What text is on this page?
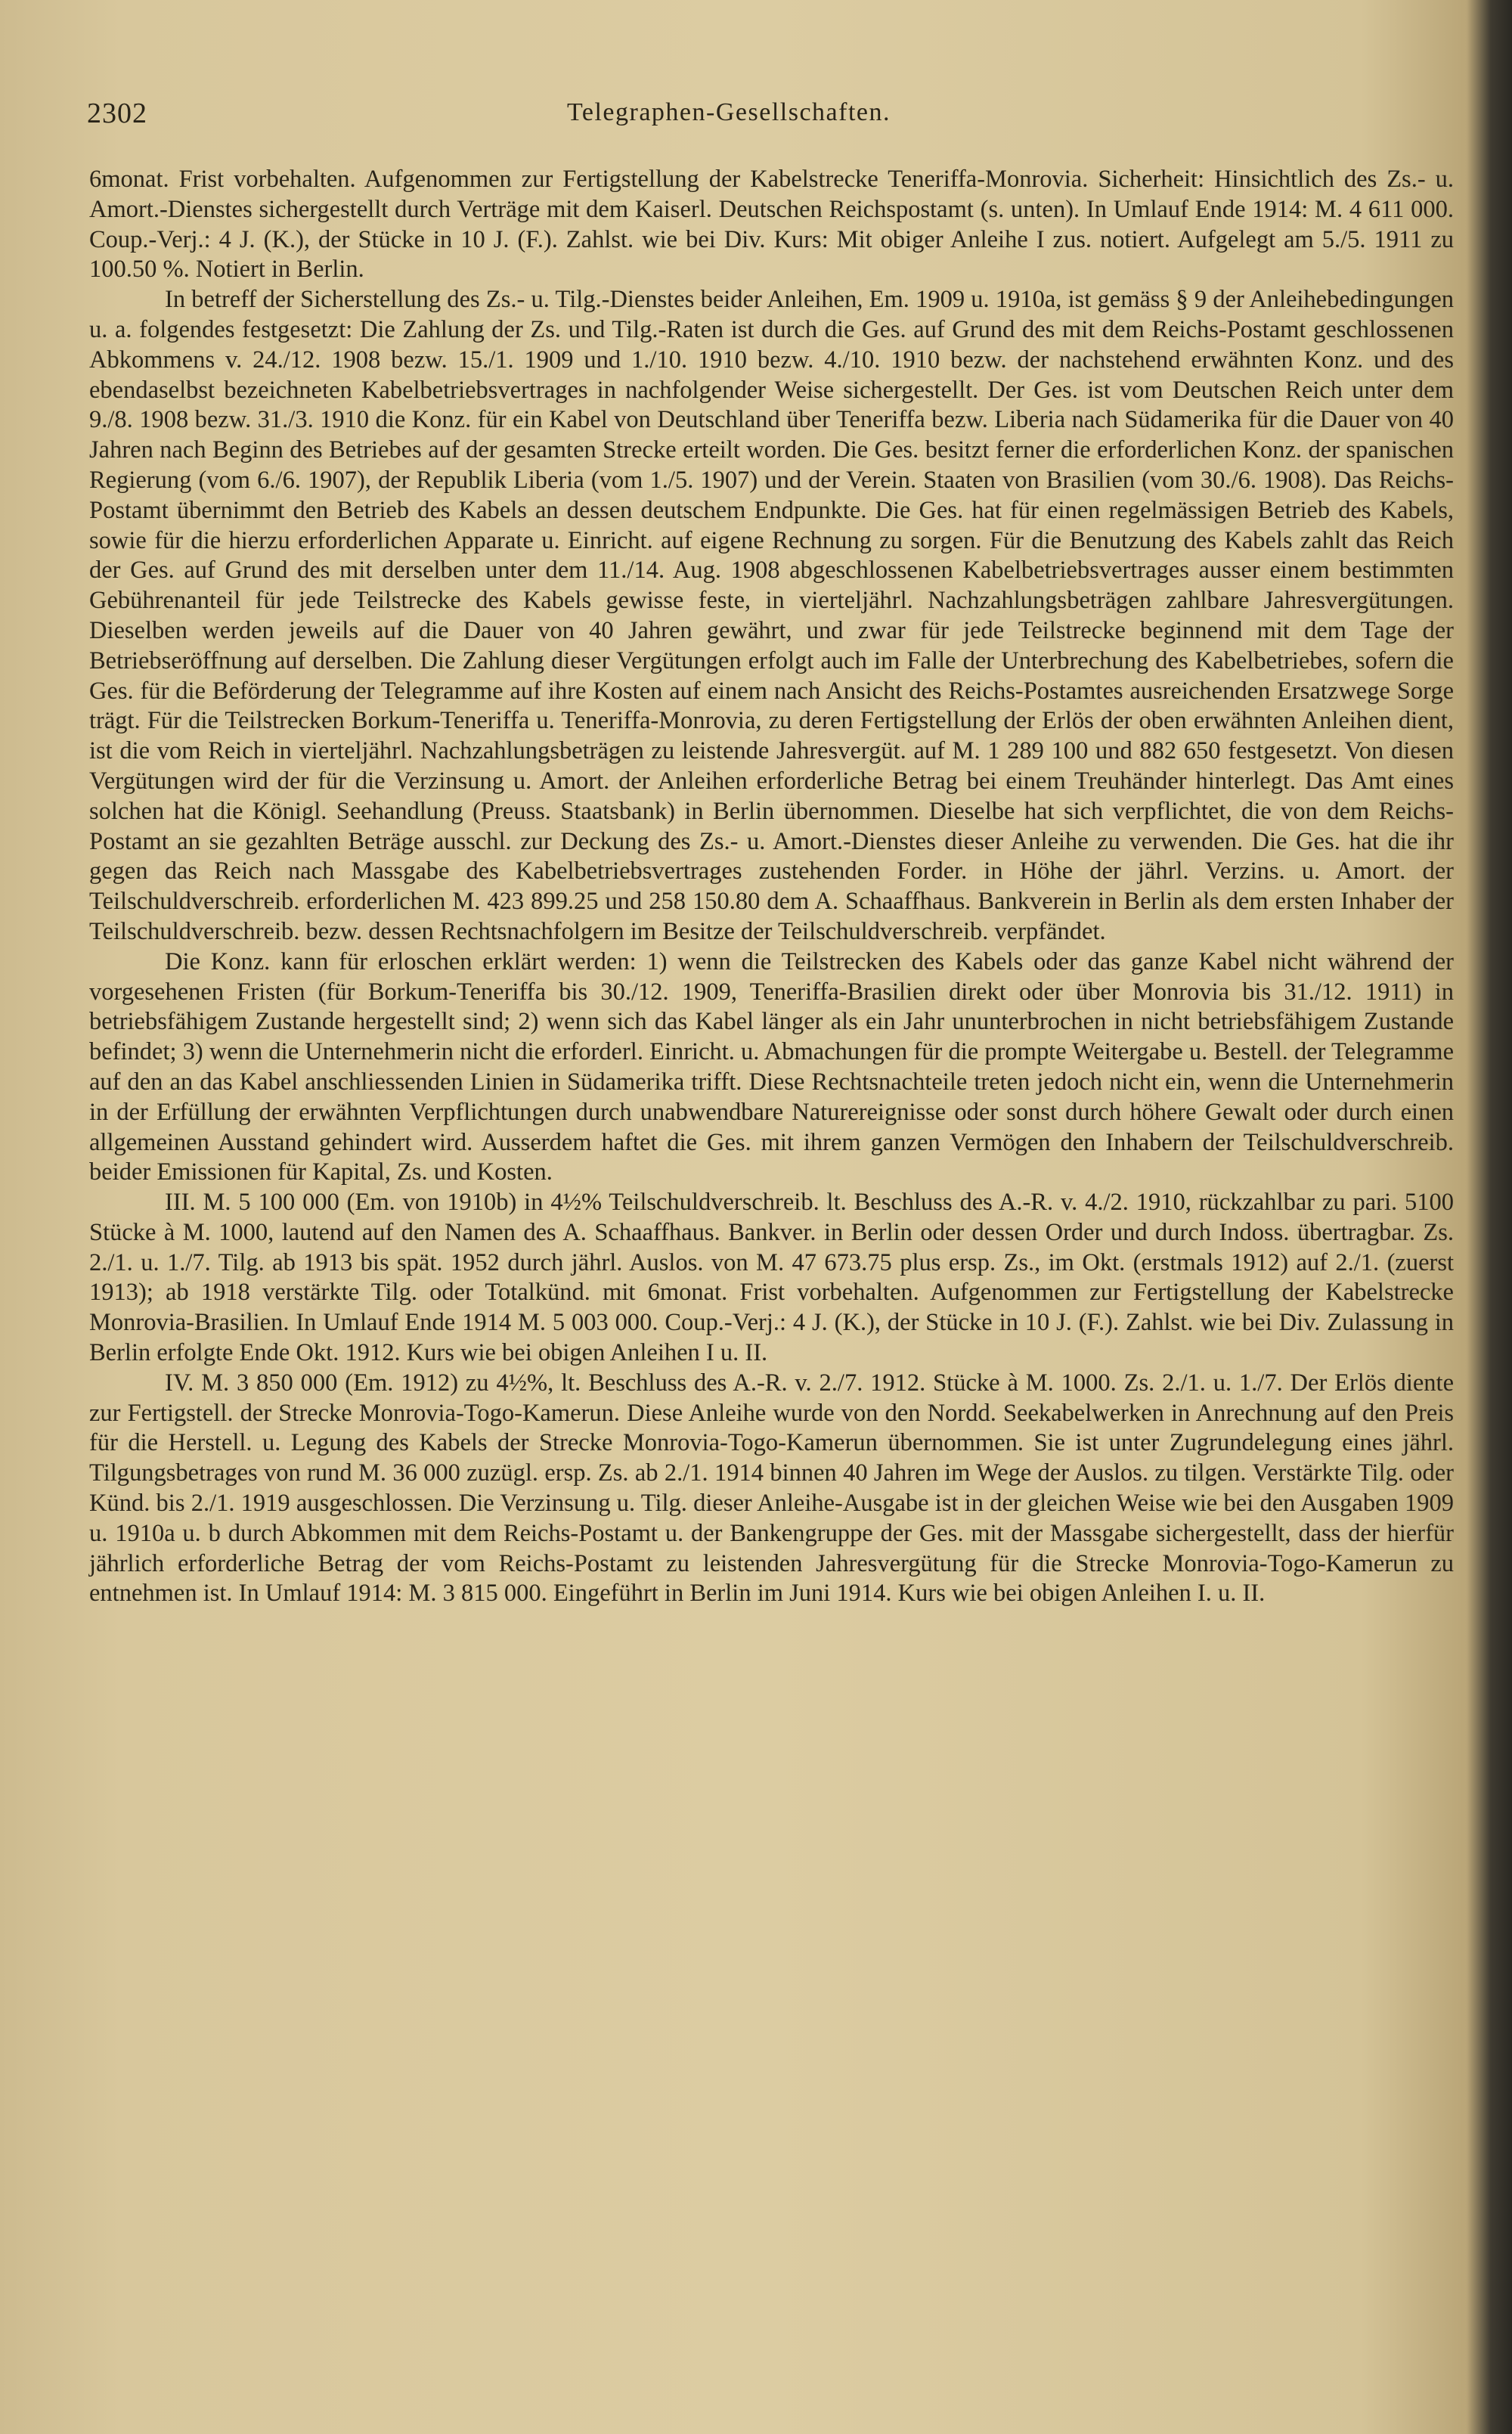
2302	Telegraphen-Gesellschaften.

6monat. Frist vorbehalten. Aufgenommen zur Fertigstellung der Kabelstrecke Teneriffa-Monrovia. Sicherheit: Hinsichtlich des Zs.- u. Amort.-Dienstes sichergestellt durch Verträge mit dem Kaiserl. Deutschen Reichspostamt (s. unten). In Umlauf Ende 1914: M. 4 611 000. Coup.-Verj.: 4 J. (K.), der Stücke in 10 J. (F.). Zahlst. wie bei Div. Kurs: Mit obiger Anleihe I zus. notiert. Aufgelegt am 5./5. 1911 zu 100.50 %. Notiert in Berlin.

In betreff der Sicherstellung des Zs.- u. Tilg.-Dienstes beider Anleihen, Em. 1909 u. 1910a, ist gemäss § 9 der Anleihebedingungen u. a. folgendes festgesetzt: Die Zahlung der Zs. und Tilg.-Raten ist durch die Ges. auf Grund des mit dem Reichs-Postamt geschlossenen Abkommens v. 24./12. 1908 bezw. 15./1. 1909 und 1./10. 1910 bezw. 4./10. 1910 bezw. der nachstehend erwähnten Konz. und des ebendaselbst bezeichneten Kabelbetriebsvertrages in nachfolgender Weise sichergestellt. Der Ges. ist vom Deutschen Reich unter dem 9./8. 1908 bezw. 31./3. 1910 die Konz. für ein Kabel von Deutschland über Teneriffa bezw. Liberia nach Südamerika für die Dauer von 40 Jahren nach Beginn des Betriebes auf der gesamten Strecke erteilt worden. Die Ges. besitzt ferner die erforderlichen Konz. der spanischen Regierung (vom 6./6. 1907), der Republik Liberia (vom 1./5. 1907) und der Verein. Staaten von Brasilien (vom 30./6. 1908). Das Reichs-Postamt übernimmt den Betrieb des Kabels an dessen deutschem Endpunkte. Die Ges. hat für einen regelmässigen Betrieb des Kabels, sowie für die hierzu erforderlichen Apparate u. Einricht. auf eigene Rechnung zu sorgen. Für die Benutzung des Kabels zahlt das Reich der Ges. auf Grund des mit derselben unter dem 11./14. Aug. 1908 abgeschlossenen Kabelbetriebsvertrages ausser einem bestimmten Gebührenanteil für jede Teilstrecke des Kabels gewisse feste, in vierteljährl. Nachzahlungsbeträgen zahlbare Jahresvergütungen. Dieselben werden jeweils auf die Dauer von 40 Jahren gewährt, und zwar für jede Teilstrecke beginnend mit dem Tage der Betriebseröffnung auf derselben. Die Zahlung dieser Vergütungen erfolgt auch im Falle der Unterbrechung des Kabelbetriebes, sofern die Ges. für die Beförderung der Telegramme auf ihre Kosten auf einem nach Ansicht des Reichs-Postamtes ausreichenden Ersatzwege Sorge trägt. Für die Teilstrecken Borkum-Teneriffa u. Teneriffa-Monrovia, zu deren Fertigstellung der Erlös der oben erwähnten Anleihen dient, ist die vom Reich in vierteljährl. Nachzahlungsbeträgen zu leistende Jahresvergüt. auf M. 1 289 100 und 882 650 festgesetzt. Von diesen Vergütungen wird der für die Verzinsung u. Amort. der Anleihen erforderliche Betrag bei einem Treuhänder hinterlegt. Das Amt eines solchen hat die Königl. Seehandlung (Preuss. Staatsbank) in Berlin übernommen. Dieselbe hat sich verpflichtet, die von dem Reichs-Postamt an sie gezahlten Beträge ausschl. zur Deckung des Zs.- u. Amort.-Dienstes dieser Anleihe zu verwenden. Die Ges. hat die ihr gegen das Reich nach Massgabe des Kabelbetriebsvertrages zustehenden Forder. in Höhe der jährl. Verzins. u. Amort. der Teilschuldverschreib. erforderlichen M. 423 899.25 und 258 150.80 dem A. Schaaffhaus. Bankverein in Berlin als dem ersten Inhaber der Teilschuldverschreib. bezw. dessen Rechtsnachfolgern im Besitze der Teilschuldverschreib. verpfändet.

Die Konz. kann für erloschen erklärt werden: 1) wenn die Teilstrecken des Kabels oder das ganze Kabel nicht während der vorgesehenen Fristen (für Borkum-Teneriffa bis 30./12. 1909, Teneriffa-Brasilien direkt oder über Monrovia bis 31./12. 1911) in betriebsfähigem Zustande hergestellt sind; 2) wenn sich das Kabel länger als ein Jahr ununterbrochen in nicht betriebsfähigem Zustande befindet; 3) wenn die Unternehmerin nicht die erforderl. Einricht. u. Abmachungen für die prompte Weitergabe u. Bestell. der Telegramme auf den an das Kabel anschliessenden Linien in Südamerika trifft. Diese Rechtsnachteile treten jedoch nicht ein, wenn die Unternehmerin in der Erfüllung der erwähnten Verpflichtungen durch unabwendbare Naturereignisse oder sonst durch höhere Gewalt oder durch einen allgemeinen Ausstand gehindert wird. Ausserdem haftet die Ges. mit ihrem ganzen Vermögen den Inhabern der Teilschuldverschreib. beider Emissionen für Kapital, Zs. und Kosten.

III. M. 5 100 000 (Em. von 1910b) in 4½% Teilschuldverschreib. lt. Beschluss des A.-R. v. 4./2. 1910, rückzahlbar zu pari. 5100 Stücke à M. 1000, lautend auf den Namen des A. Schaaffhaus. Bankver. in Berlin oder dessen Order und durch Indoss. übertragbar. Zs. 2./1. u. 1./7. Tilg. ab 1913 bis spät. 1952 durch jährl. Auslos. von M. 47 673.75 plus ersp. Zs., im Okt. (erstmals 1912) auf 2./1. (zuerst 1913); ab 1918 verstärkte Tilg. oder Totalkünd. mit 6monat. Frist vorbehalten. Aufgenommen zur Fertigstellung der Kabelstrecke Monrovia-Brasilien. In Umlauf Ende 1914 M. 5 003 000. Coup.-Verj.: 4 J. (K.), der Stücke in 10 J. (F.). Zahlst. wie bei Div. Zulassung in Berlin erfolgte Ende Okt. 1912. Kurs wie bei obigen Anleihen I u. II.

IV. M. 3 850 000 (Em. 1912) zu 4½%, lt. Beschluss des A.-R. v. 2./7. 1912. Stücke à M. 1000. Zs. 2./1. u. 1./7. Der Erlös diente zur Fertigstell. der Strecke Monrovia-Togo-Kamerun. Diese Anleihe wurde von den Nordd. Seekabelwerken in Anrechnung auf den Preis für die Herstell. u. Legung des Kabels der Strecke Monrovia-Togo-Kamerun übernommen. Sie ist unter Zugrundelegung eines jährl. Tilgungsbetrages von rund M. 36 000 zuzügl. ersp. Zs. ab 2./1. 1914 binnen 40 Jahren im Wege der Auslos. zu tilgen. Verstärkte Tilg. oder Künd. bis 2./1. 1919 ausgeschlossen. Die Verzinsung u. Tilg. dieser Anleihe-Ausgabe ist in der gleichen Weise wie bei den Ausgaben 1909 u. 1910a u. b durch Abkommen mit dem Reichs-Postamt u. der Bankengruppe der Ges. mit der Massgabe sichergestellt, dass der hierfür jährlich erforderliche Betrag der vom Reichs-Postamt zu leistenden Jahresvergütung für die Strecke Monrovia-Togo-Kamerun zu entnehmen ist. In Umlauf 1914: M. 3 815 000. Eingeführt in Berlin im Juni 1914. Kurs wie bei obigen Anleihen I. u. II.
